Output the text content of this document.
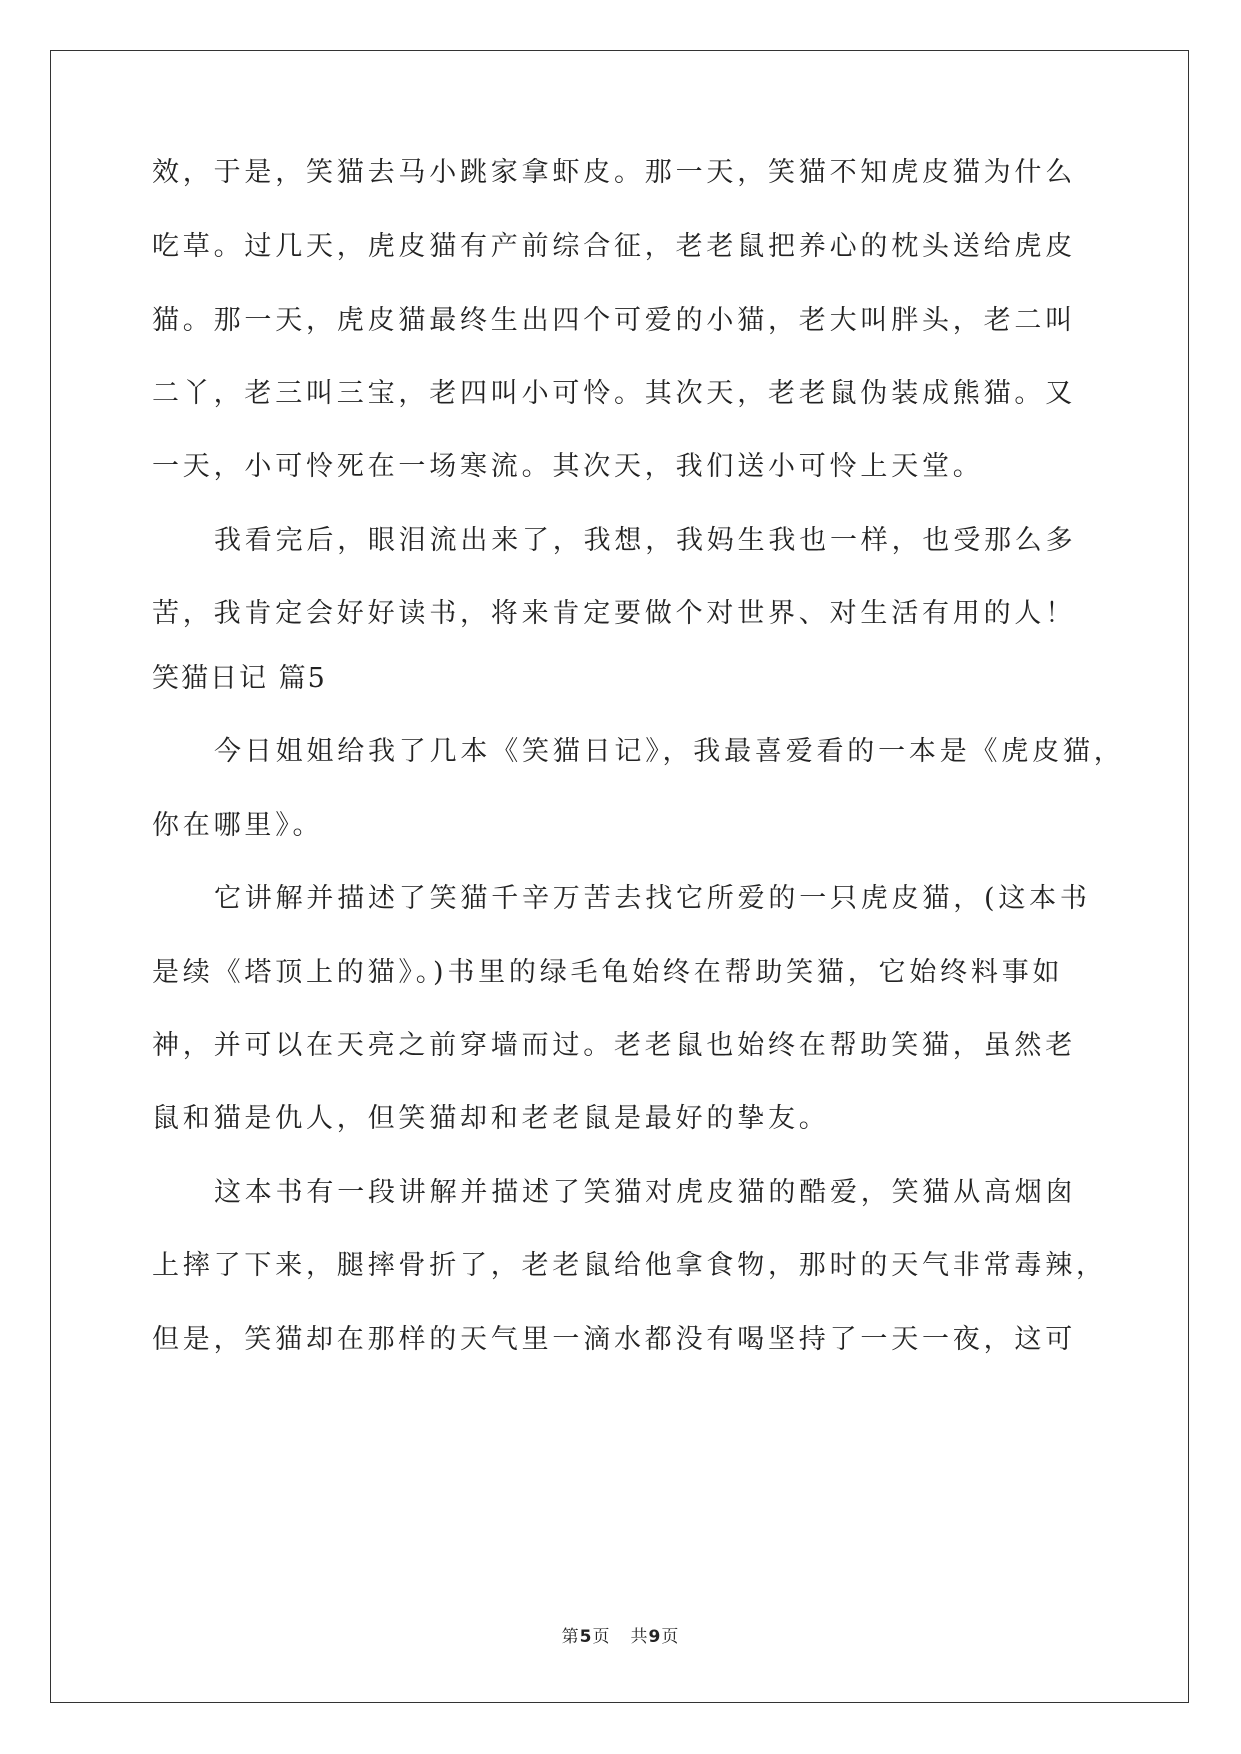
效，于是，笑猫去马小跳家拿虾皮。那一天，笑猫不知虎皮猫为什么
吃草。过几天，虎皮猫有产前综合征，老老鼠把养心的枕头送给虎皮
猫。那一天，虎皮猫最终生出四个可爱的小猫，老大叫胖头，老二叫
二丫，老三叫三宝，老四叫小可怜。其次天，老老鼠伪装成熊猫。又
一天，小可怜死在一场寒流。其次天，我们送小可怜上天堂。
我看完后，眼泪流出来了，我想，我妈生我也一样，也受那么多
苦，我肯定会好好读书，将来肯定要做个对世界、对生活有用的人！
笑猫日记 篇5
今日姐姐给我了几本《笑猫日记》，我最喜爱看的一本是《虎皮猫，
你在哪里》。
它讲解并描述了笑猫千辛万苦去找它所爱的一只虎皮猫，(这本书
是续《塔顶上的猫》。)书里的绿毛龟始终在帮助笑猫，它始终料事如
神，并可以在天亮之前穿墙而过。老老鼠也始终在帮助笑猫，虽然老
鼠和猫是仇人，但笑猫却和老老鼠是最好的挚友。
这本书有一段讲解并描述了笑猫对虎皮猫的酷爱，笑猫从高烟囱
上摔了下来，腿摔骨折了，老老鼠给他拿食物，那时的天气非常毒辣，
但是，笑猫却在那样的天气里一滴水都没有喝坚持了一天一夜，这可
第5页 共9页
